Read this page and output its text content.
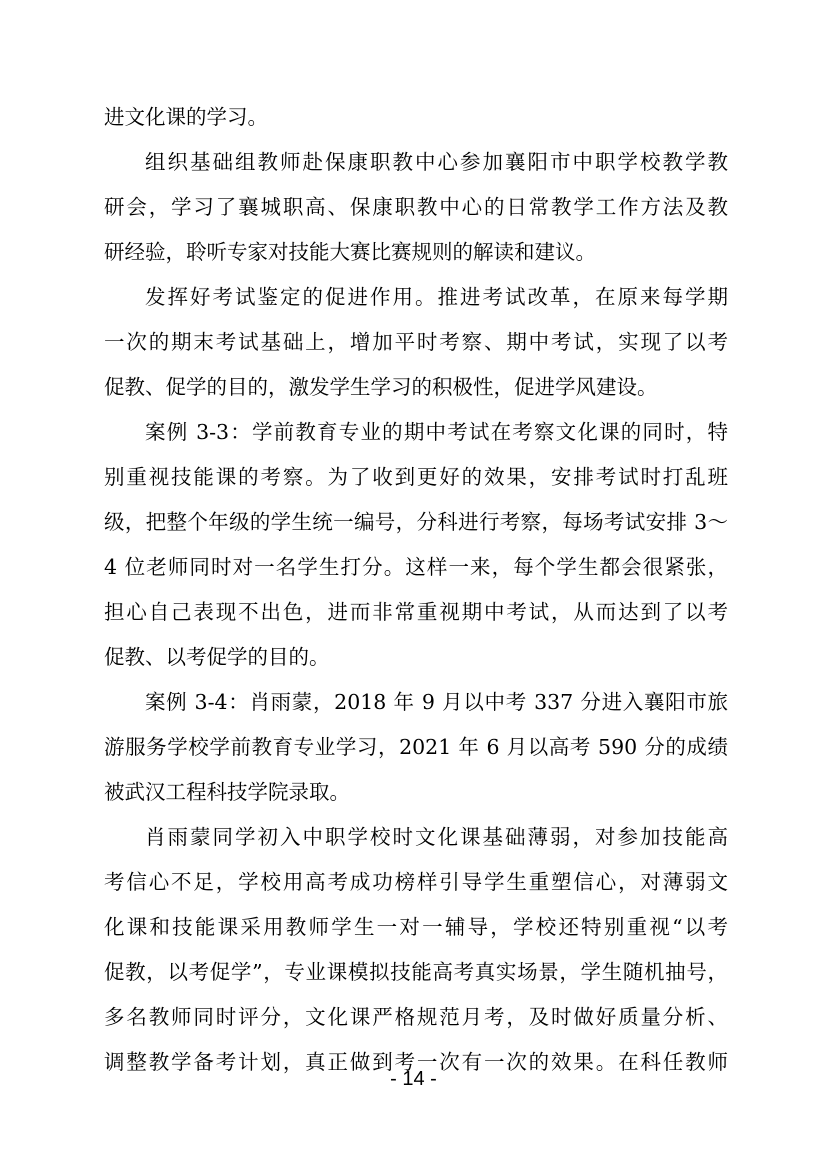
进文化课的学习。
组织基础组教师赴保康职教中心参加襄阳市中职学校教学教
研会，学习了襄城职高、保康职教中心的日常教学工作方法及教
研经验，聆听专家对技能大赛比赛规则的解读和建议。
发挥好考试鉴定的促进作用。推进考试改革，在原来每学期
一次的期末考试基础上，增加平时考察、期中考试，实现了以考
促教、促学的目的，激发学生学习的积极性，促进学风建设。
案例 3-3：学前教育专业的期中考试在考察文化课的同时，特
别重视技能课的考察。为了收到更好的效果，安排考试时打乱班
级，把整个年级的学生统一编号，分科进行考察，每场考试安排 3～
4 位老师同时对一名学生打分。这样一来，每个学生都会很紧张，
担心自己表现不出色，进而非常重视期中考试，从而达到了以考
促教、以考促学的目的。
案例 3-4：肖雨蒙，2018 年 9 月以中考 337 分进入襄阳市旅
游服务学校学前教育专业学习，2021 年 6 月以高考 590 分的成绩
被武汉工程科技学院录取。
肖雨蒙同学初入中职学校时文化课基础薄弱，对参加技能高
考信心不足，学校用高考成功榜样引导学生重塑信心，对薄弱文
化课和技能课采用教师学生一对一辅导，学校还特别重视“以考
促教，以考促学”，专业课模拟技能高考真实场景，学生随机抽号，
多名教师同时评分，文化课严格规范月考，及时做好质量分析、
调整教学备考计划，真正做到考一次有一次的效果。在科任教师
- 14 -
